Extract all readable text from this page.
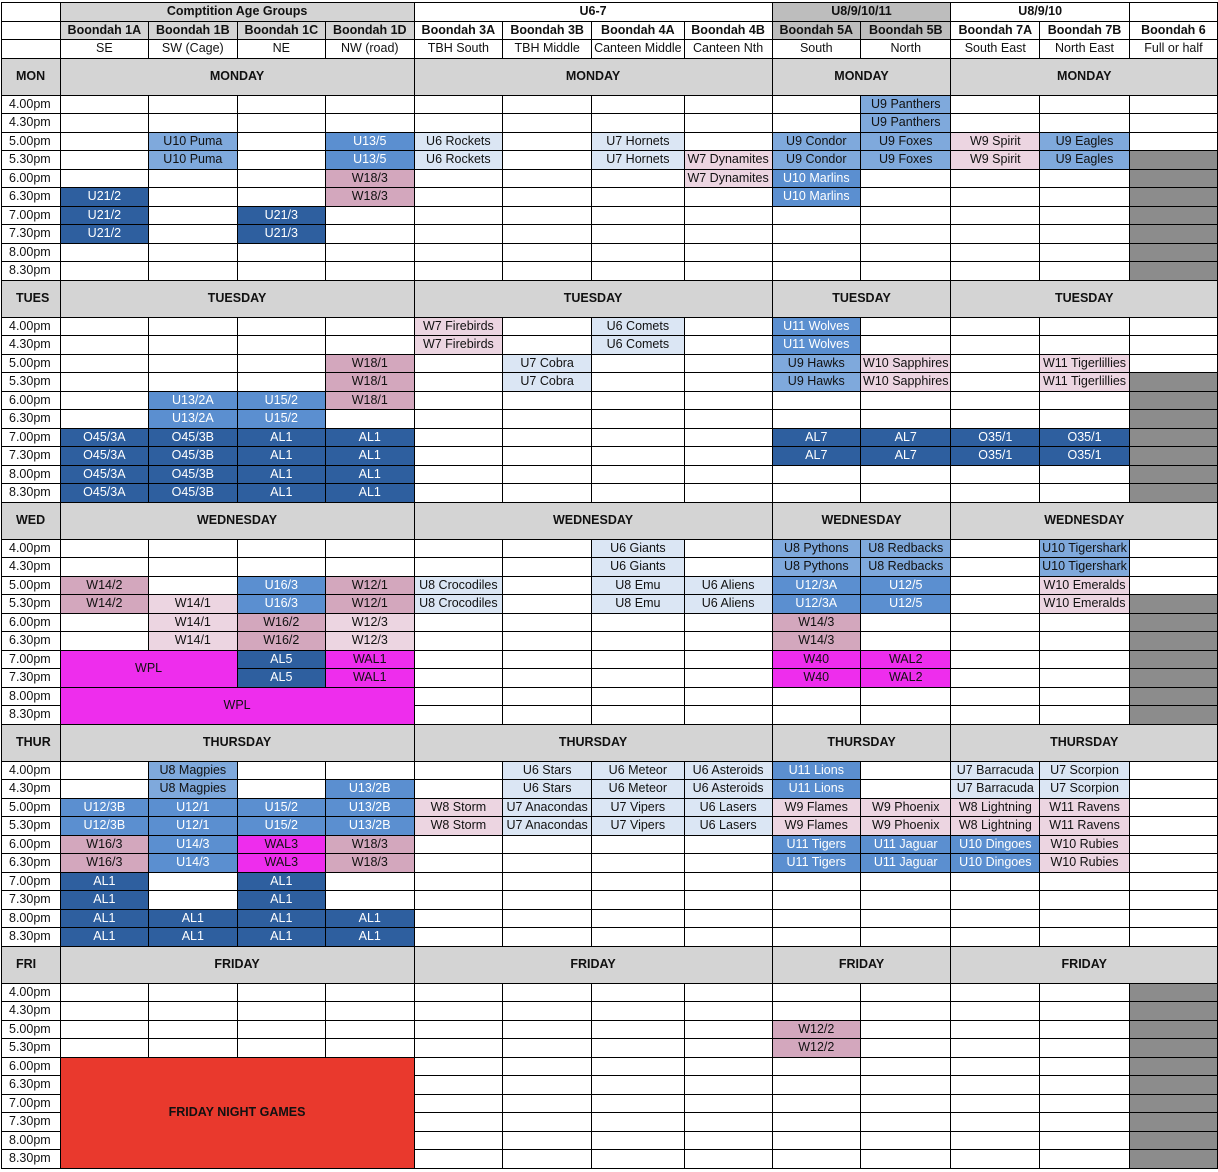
	Comptition Age Groups				U6-7				U8/9/10/11		U8/9/10		
	Boondah 1A	Boondah 1B	Boondah 1C	Boondah 1D	Boondah 3A	Boondah 3B	Boondah 4A	Boondah 4B	Boondah 5A	Boondah 5B	Boondah 7A	Boondah 7B	Boondah 6
	SE	SW (Cage)	NE	NW (road)	TBH South	TBH Middle	Canteen Middle	Canteen Nth	South	North	South East	North East	Full or half
MON	MONDAY				MONDAY				MONDAY		MONDAY		
4.00pm										U9 Panthers			
4.30pm										U9 Panthers			
5.00pm		U10 Puma		U13/5	U6 Rockets		U7 Hornets		U9 Condor	U9 Foxes	W9 Spirit	U9 Eagles	
5.30pm		U10 Puma		U13/5	U6 Rockets		U7 Hornets	W7 Dynamites	U9 Condor	U9 Foxes	W9 Spirit	U9 Eagles	
6.00pm				W18/3				W7 Dynamites	U10 Marlins				
6.30pm	U21/2			W18/3					U10 Marlins				
7.00pm	U21/2		U21/3										
7.30pm	U21/2		U21/3										
8.00pm													
8.30pm													
TUES	TUESDAY				TUESDAY				TUESDAY		TUESDAY		
4.00pm					W7 Firebirds		U6 Comets		U11 Wolves				
4.30pm					W7 Firebirds		U6 Comets		U11 Wolves				
5.00pm				W18/1		U7 Cobra			U9 Hawks	W10 Sapphires		W11 Tigerlillies	
5.30pm				W18/1		U7 Cobra			U9 Hawks	W10 Sapphires		W11 Tigerlillies	
6.00pm		U13/2A	U15/2	W18/1									
6.30pm		U13/2A	U15/2										
7.00pm	O45/3A	O45/3B	AL1	AL1					AL7	AL7	O35/1	O35/1	
7.30pm	O45/3A	O45/3B	AL1	AL1					AL7	AL7	O35/1	O35/1	
8.00pm	O45/3A	O45/3B	AL1	AL1									
8.30pm	O45/3A	O45/3B	AL1	AL1									
WED	WEDNESDAY				WEDNESDAY				WEDNESDAY		WEDNESDAY		
4.00pm							U6 Giants		U8 Pythons	U8 Redbacks		U10 Tigershark	
4.30pm							U6 Giants		U8 Pythons	U8 Redbacks		U10 Tigershark	
5.00pm	W14/2		U16/3	W12/1	U8 Crocodiles		U8 Emu	U6 Aliens	U12/3A	U12/5		W10 Emeralds	
5.30pm	W14/2	W14/1	U16/3	W12/1	U8 Crocodiles		U8 Emu	U6 Aliens	U12/3A	U12/5		W10 Emeralds	
6.00pm		W14/1	W16/2	W12/3					W14/3				
6.30pm		W14/1	W16/2	W12/3					W14/3				
7.00pm	WPL		AL5	WAL1					W40	WAL2			
7.30pm			AL5	WAL1					W40	WAL2			
8.00pm	WPL												
8.30pm													
THUR	THURSDAY				THURSDAY				THURSDAY		THURSDAY		
4.00pm		U8 Magpies				U6 Stars	U6 Meteor	U6 Asteroids	U11 Lions		U7 Barracuda	U7 Scorpion	
4.30pm		U8 Magpies		U13/2B		U6 Stars	U6 Meteor	U6 Asteroids	U11 Lions		U7 Barracuda	U7 Scorpion	
5.00pm	U12/3B	U12/1	U15/2	U13/2B	W8 Storm	U7 Anacondas	U7 Vipers	U6 Lasers	W9 Flames	W9 Phoenix	W8 Lightning	W11 Ravens	
5.30pm	U12/3B	U12/1	U15/2	U13/2B	W8 Storm	U7 Anacondas	U7 Vipers	U6 Lasers	W9 Flames	W9 Phoenix	W8 Lightning	W11 Ravens	
6.00pm	W16/3	U14/3	WAL3	W18/3					U11 Tigers	U11 Jaguar	U10 Dingoes	W10 Rubies	
6.30pm	W16/3	U14/3	WAL3	W18/3					U11 Tigers	U11 Jaguar	U10 Dingoes	W10 Rubies	
7.00pm	AL1		AL1										
7.30pm	AL1		AL1										
8.00pm	AL1	AL1	AL1	AL1									
8.30pm	AL1	AL1	AL1	AL1									
FRI	FRIDAY				FRIDAY				FRIDAY		FRIDAY		
4.00pm													
4.30pm													
5.00pm									W12/2				
5.30pm									W12/2				
6.00pm	FRIDAY NIGHT GAMES												
6.30pm													
7.00pm													
7.30pm													
8.00pm													
8.30pm													
